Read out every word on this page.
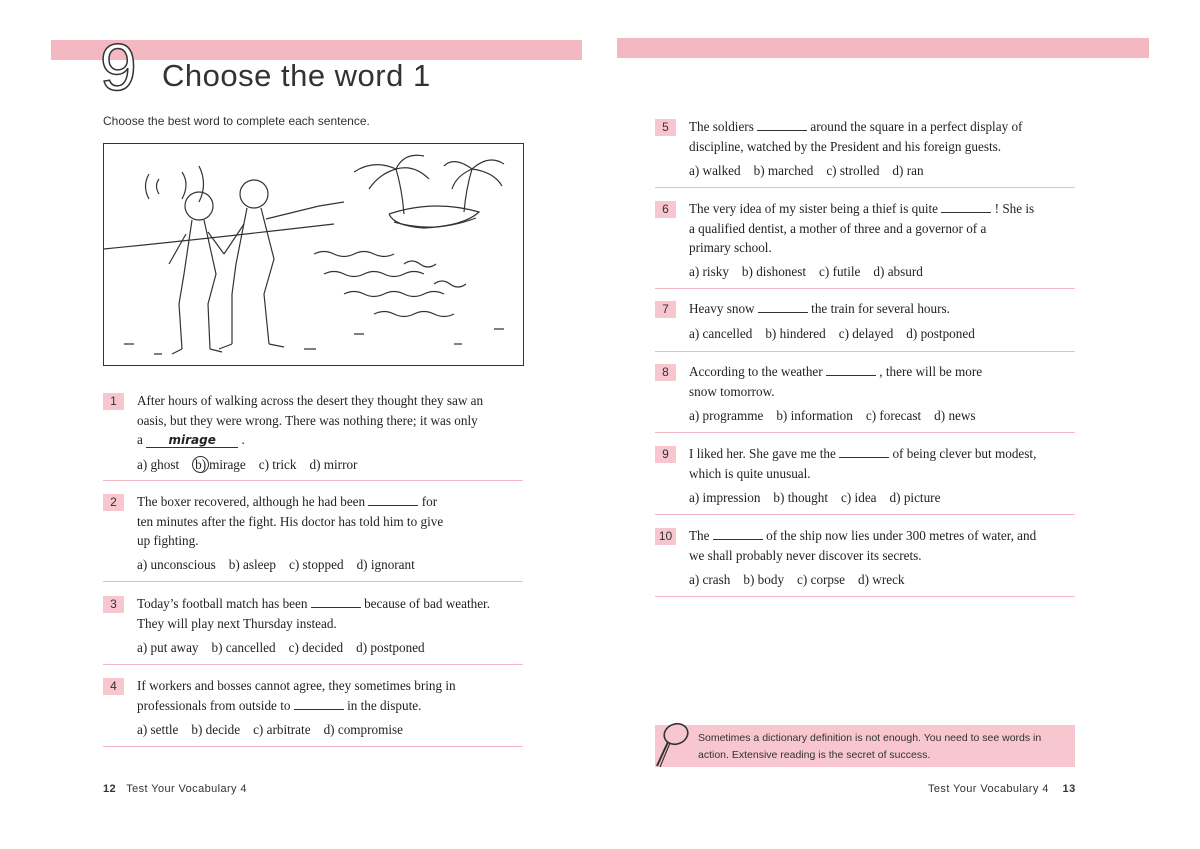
9 Choose the word 1
Choose the best word to complete each sentence.
1	After hours of walking across the desert they thought they saw an
oasis, but they were wrong. There was nothing there; it was only
a mirage .
a) ghost b) mirage c) trick d) mirror
2	The boxer recovered, although he had been	for
ten minutes after the fight. His doctor has told him to give
up fighting.
a) unconscious b) asleep c) stopped d) ignorant
3	Today’s football match has been	because of bad weather.
They will play next Thursday instead.
a) put away b) cancelled c) decided d) postponed
4	If workers and bosses cannot agree, they sometimes bring in
professionals from outside to	in the dispute.
a) settle b) decide c) arbitrate d) compromise
5	The soldiers	around the square in a perfect display of
discipline, watched by the President and his foreign guests.
a) walked b) marched c) strolled d) ran
6	The very idea of my sister being a thief is quite	! She is
a qualified dentist, a mother of three and a governor of a
primary school.
a) risky b) dishonest c) futile d) absurd
7	Heavy snow	the train for several hours.
a) cancelled b) hindered c) delayed d) postponed
8	According to the weather	, there will be more
snow tomorrow.
a) programme b) information c) forecast d) news
9	I liked her. She gave me the	of being clever but modest,
which is quite unusual.
a) impression b) thought c) idea d) picture
10 The	of the ship now lies under 300 metres of water, and
we shall probably never discover its secrets.
a) crash b) body c) corpse d) wreck
Sometimes a dictionary definition is not enough. You need to see words in
action. Extensive reading is the secret of success.
12 Test Your Vocabulary 4	Test Your Vocabulary 4 13
